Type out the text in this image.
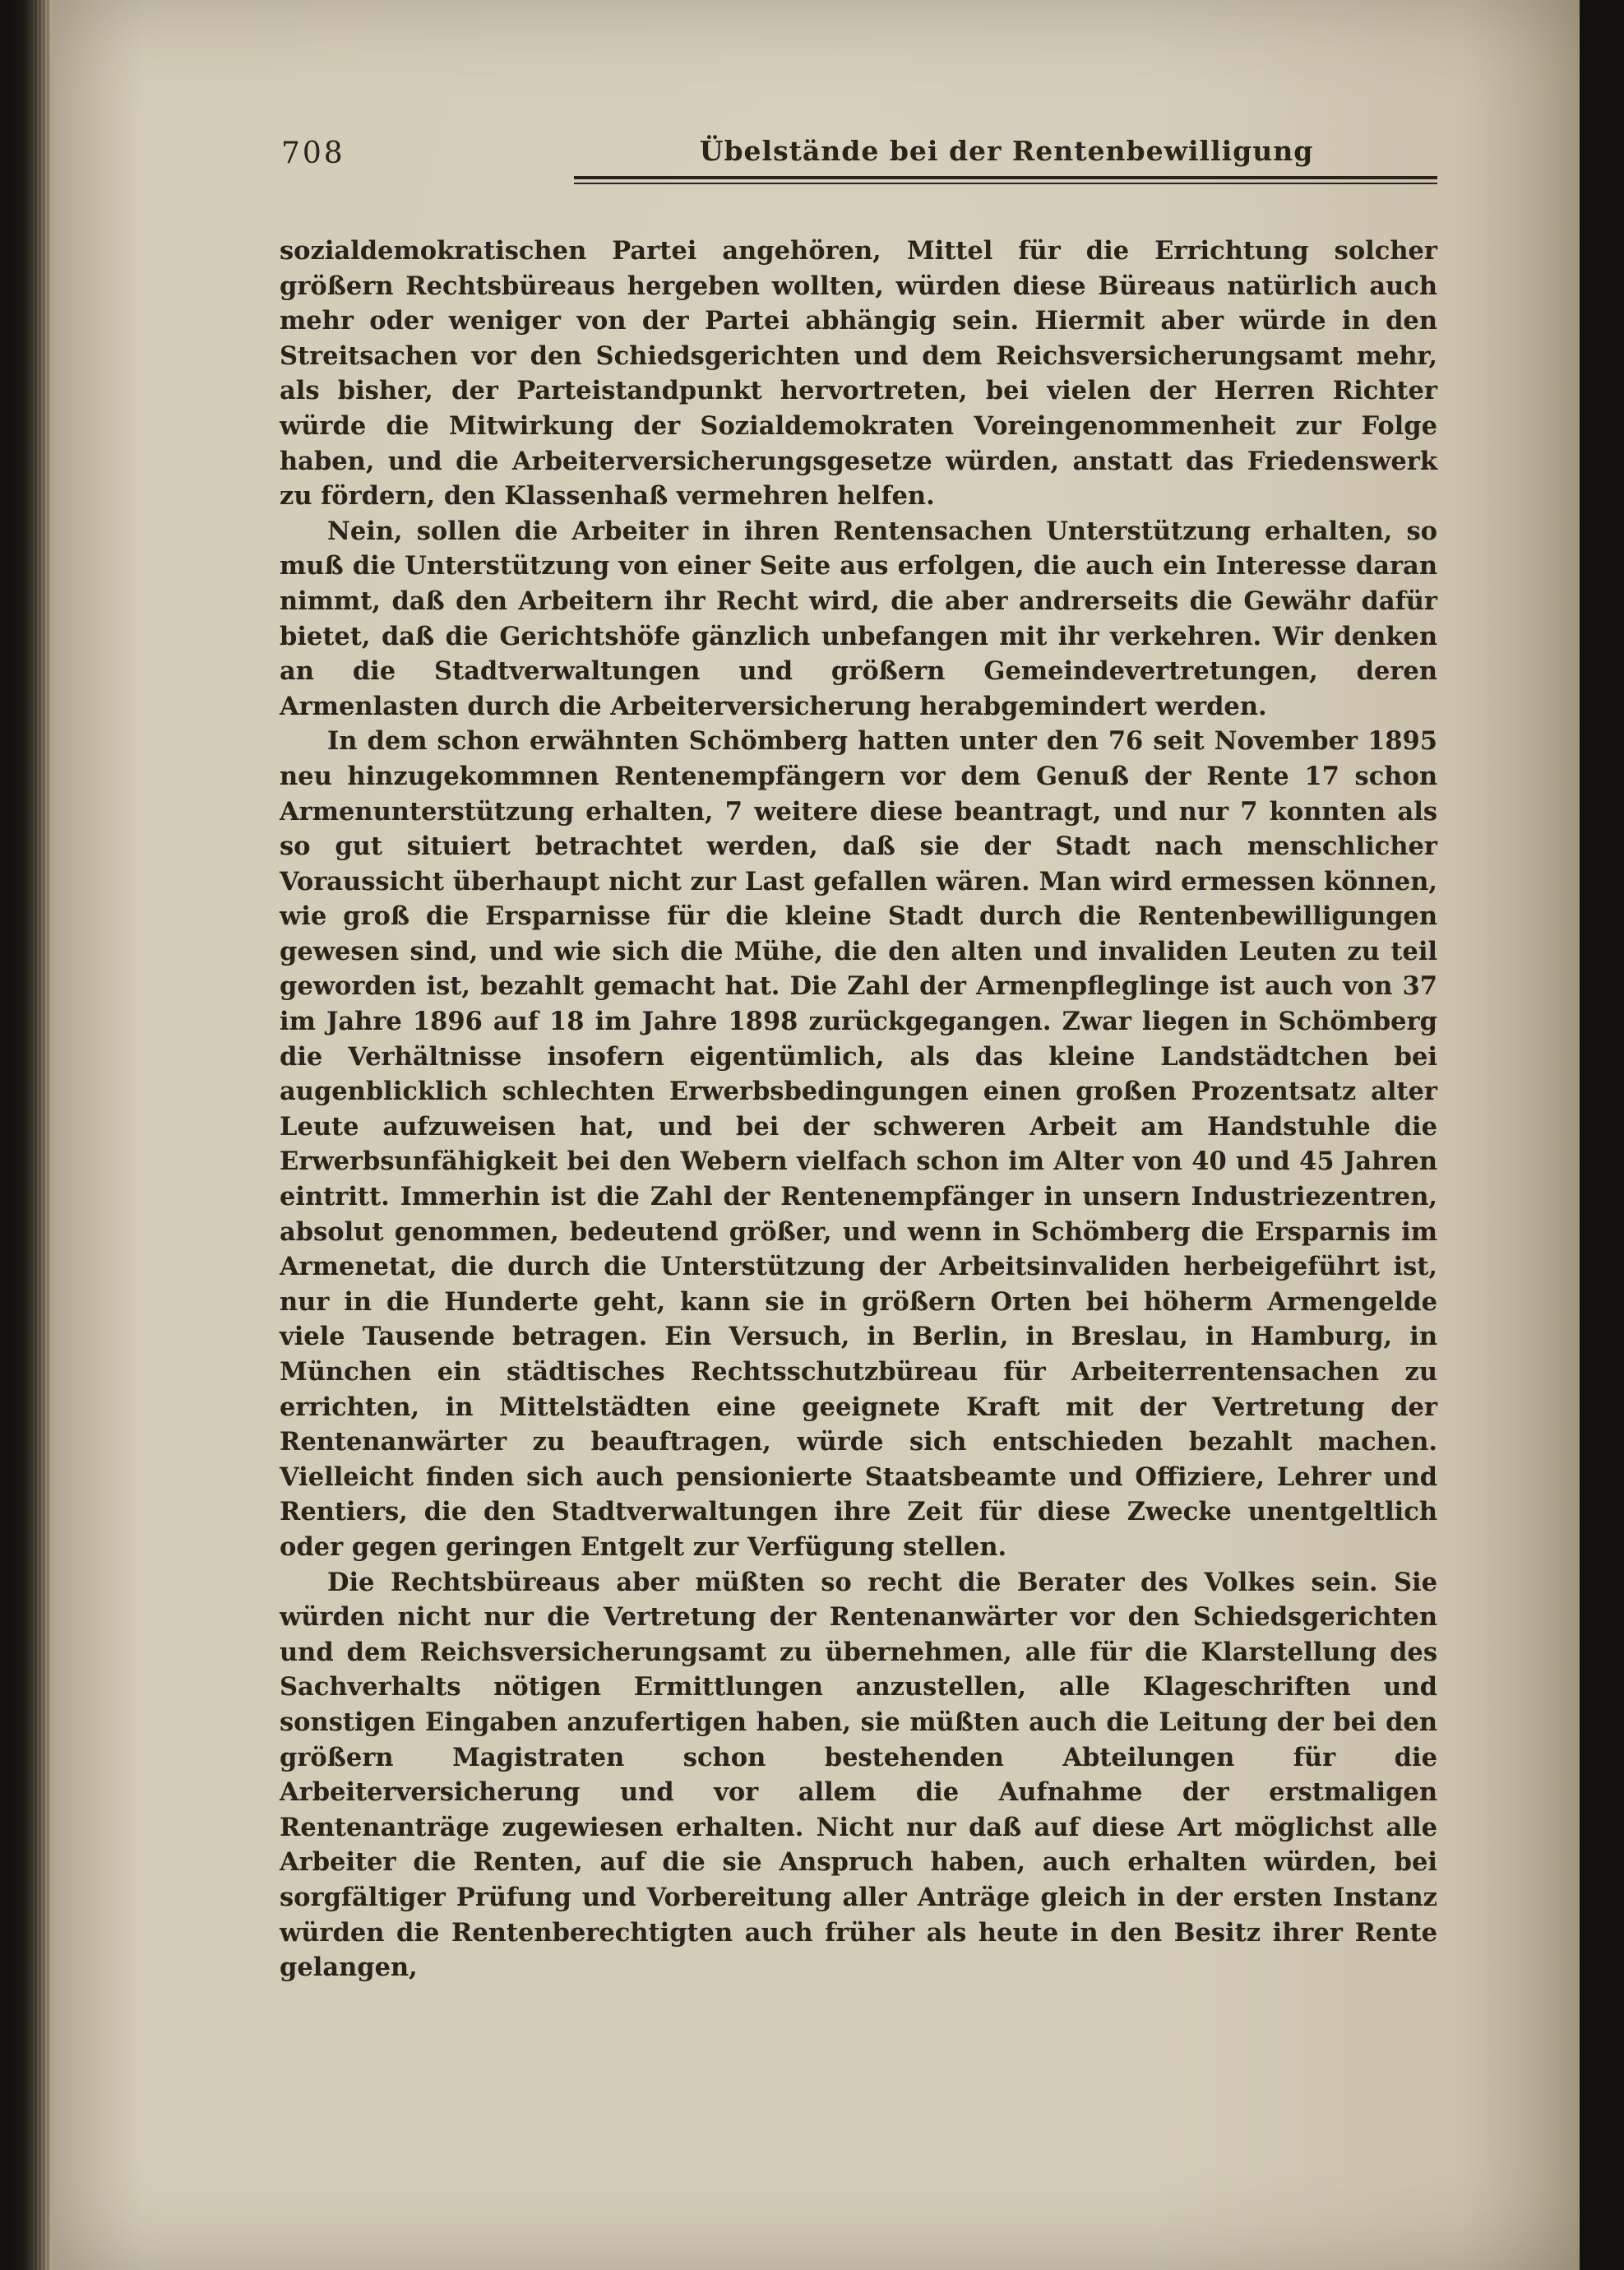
708	Übelstände bei der Rentenbewilligung

sozialdemokratischen Partei angehören, Mittel für die Errichtung solcher größern Rechtsbüreaus hergeben wollten, würden diese Büreaus natürlich auch mehr oder weniger von der Partei abhängig sein. Hiermit aber würde in den Streitsachen vor den Schiedsgerichten und dem Reichsversicherungsamt mehr, als bisher, der Parteistandpunkt hervortreten, bei vielen der Herren Richter würde die Mitwirkung der Sozialdemokraten Voreingenommenheit zur Folge haben, und die Arbeiterversicherungsgesetze würden, anstatt das Friedenswerk zu fördern, den Klassenhaß vermehren helfen.

Nein, sollen die Arbeiter in ihren Rentensachen Unterstützung erhalten, so muß die Unterstützung von einer Seite aus erfolgen, die auch ein Interesse daran nimmt, daß den Arbeitern ihr Recht wird, die aber andrerseits die Gewähr dafür bietet, daß die Gerichtshöfe gänzlich unbefangen mit ihr verkehren. Wir denken an die Stadtverwaltungen und größern Gemeindevertretungen, deren Armenlasten durch die Arbeiterversicherung herabgemindert werden.

In dem schon erwähnten Schömberg hatten unter den 76 seit November 1895 neu hinzugekommnen Rentenempfängern vor dem Genuß der Rente 17 schon Armenunterstützung erhalten, 7 weitere diese beantragt, und nur 7 konnten als so gut situiert betrachtet werden, daß sie der Stadt nach menschlicher Voraussicht überhaupt nicht zur Last gefallen wären. Man wird ermessen können, wie groß die Ersparnisse für die kleine Stadt durch die Rentenbewilligungen gewesen sind, und wie sich die Mühe, die den alten und invaliden Leuten zu teil geworden ist, bezahlt gemacht hat. Die Zahl der Armenpfleglinge ist auch von 37 im Jahre 1896 auf 18 im Jahre 1898 zurückgegangen. Zwar liegen in Schömberg die Verhältnisse insofern eigentümlich, als das kleine Landstädtchen bei augenblicklich schlechten Erwerbsbedingungen einen großen Prozentsatz alter Leute aufzuweisen hat, und bei der schweren Arbeit am Handstuhle die Erwerbsunfähigkeit bei den Webern vielfach schon im Alter von 40 und 45 Jahren eintritt. Immerhin ist die Zahl der Rentenempfänger in unsern Industriezentren, absolut genommen, bedeutend größer, und wenn in Schömberg die Ersparnis im Armenetat, die durch die Unterstützung der Arbeitsinvaliden herbeigeführt ist, nur in die Hunderte geht, kann sie in größern Orten bei höherm Armengelde viele Tausende betragen. Ein Versuch, in Berlin, in Breslau, in Hamburg, in München ein städtisches Rechtsschutzbüreau für Arbeiterrentensachen zu errichten, in Mittelstädten eine geeignete Kraft mit der Vertretung der Rentenanwärter zu beauftragen, würde sich entschieden bezahlt machen. Vielleicht finden sich auch pensionierte Staatsbeamte und Offiziere, Lehrer und Rentiers, die den Stadtverwaltungen ihre Zeit für diese Zwecke unentgeltlich oder gegen geringen Entgelt zur Verfügung stellen.

Die Rechtsbüreaus aber müßten so recht die Berater des Volkes sein. Sie würden nicht nur die Vertretung der Rentenanwärter vor den Schiedsgerichten und dem Reichsversicherungsamt zu übernehmen, alle für die Klarstellung des Sachverhalts nötigen Ermittlungen anzustellen, alle Klageschriften und sonstigen Eingaben anzufertigen haben, sie müßten auch die Leitung der bei den größern Magistraten schon bestehenden Abteilungen für die Arbeiterversicherung und vor allem die Aufnahme der erstmaligen Rentenanträge zugewiesen erhalten. Nicht nur daß auf diese Art möglichst alle Arbeiter die Renten, auf die sie Anspruch haben, auch erhalten würden, bei sorgfältiger Prüfung und Vorbereitung aller Anträge gleich in der ersten Instanz würden die Rentenberechtigten auch früher als heute in den Besitz ihrer Rente gelangen,
